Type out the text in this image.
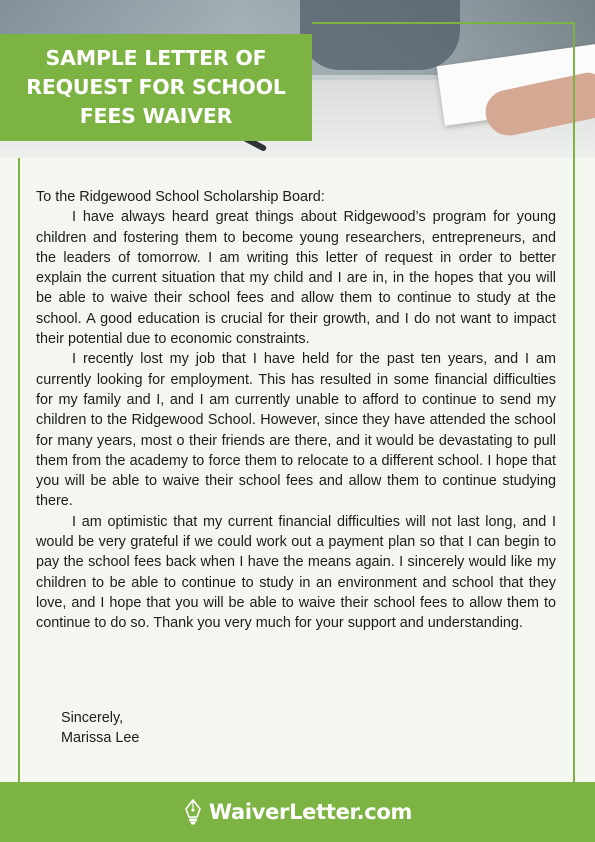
SAMPLE LETTER OF
REQUEST FOR SCHOOL
FEES WAIVER

To the Ridgewood School Scholarship Board:

I have always heard great things about Ridgewood’s program for young children and fostering them to become young researchers, entrepreneurs, and the leaders of tomorrow. I am writing this letter of request in order to better explain the current situation that my child and I are in, in the hopes that you will be able to waive their school fees and allow them to continue to study at the school. A good education is crucial for their growth, and I do not want to impact their potential due to economic constraints.

I recently lost my job that I have held for the past ten years, and I am currently looking for employment. This has resulted in some financial difficulties for my family and I, and I am currently unable to afford to continue to send my children to the Ridgewood School. However, since they have attended the school for many years, most o their friends are there, and it would be devastating to pull them from the academy to force them to relocate to a different school. I hope that you will be able to waive their school fees and allow them to continue studying there.

I am optimistic that my current financial difficulties will not last long, and I would be very grateful if we could work out a payment plan so that I can begin to pay the school fees back when I have the means again. I sincerely would like my children to be able to continue to study in an environment and school that they love, and I hope that you will be able to waive their school fees to allow them to continue to do so. Thank you very much for your support and understanding.

Sincerely,
Marissa Lee
WaiverLetter.com
